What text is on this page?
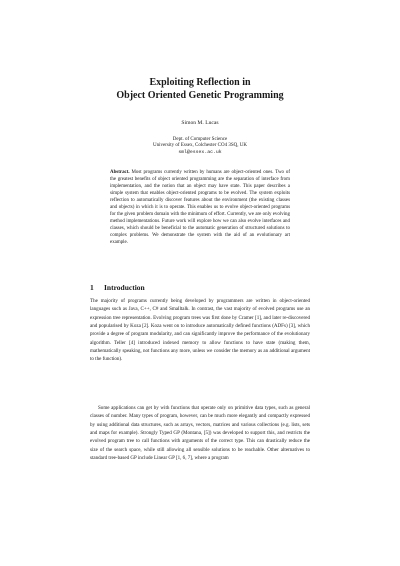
Exploiting Reflection in
Object Oriented Genetic Programming
Simon M. Lucas
Dept. of Computer Science
University of Essex, Colchester CO4 3SQ, UK
sml@essex.ac.uk
Abstract. Most programs currently written by humans are object-oriented ones. Two of the greatest benefits of object oriented programming are the separation of interface from implementation, and the notion that an object may have state. This paper describes a simple system that enables object-oriented programs to be evolved. The system exploits reflection to automatically discover features about the environment (the existing classes and objects) in which it is to operate. This enables us to evolve object-oriented programs for the given problem domain with the minimum of effort. Currently, we are only evolving method implementations. Future work will explore how we can also evolve interfaces and classes, which should be beneficial to the automatic generation of structured solutions to complex problems. We demonstrate the system with the aid of an evolutionary art example.
1 Introduction
The majority of programs currently being developed by programmers are written in object-oriented languages such as Java, C++, C# and Smalltalk. In contrast, the vast majority of evolved programs use an expression tree representation. Evolving program trees was first done by Cramer [1], and later re-discovered and popularised by Koza [2]. Koza went on to introduce automatically defined functions (ADFs) [3], which provide a degree of program modularity, and can significantly improve the performance of the evolutionary algorithm. Teller [4] introduced indexed memory to allow functions to have state (making them, mathematically speaking, not functions any more, unless we consider the memory as an additional argument to the function).
Some applications can get by with functions that operate only on primitive data types, such as general classes of number. Many types of program, however, can be much more elegantly and compactly expressed by using additional data structures, such as arrays, vectors, matrices and various collections (e.g. lists, sets and maps for example). Strongly Typed GP (Montana, [5]) was developed to support this, and restricts the evolved program tree to call functions with arguments of the correct type. This can drastically reduce the size of the search space, while still allowing all sensible solutions to be reachable. Other alternatives to standard tree-based GP include Linear GP [1, 6, 7], where a program
